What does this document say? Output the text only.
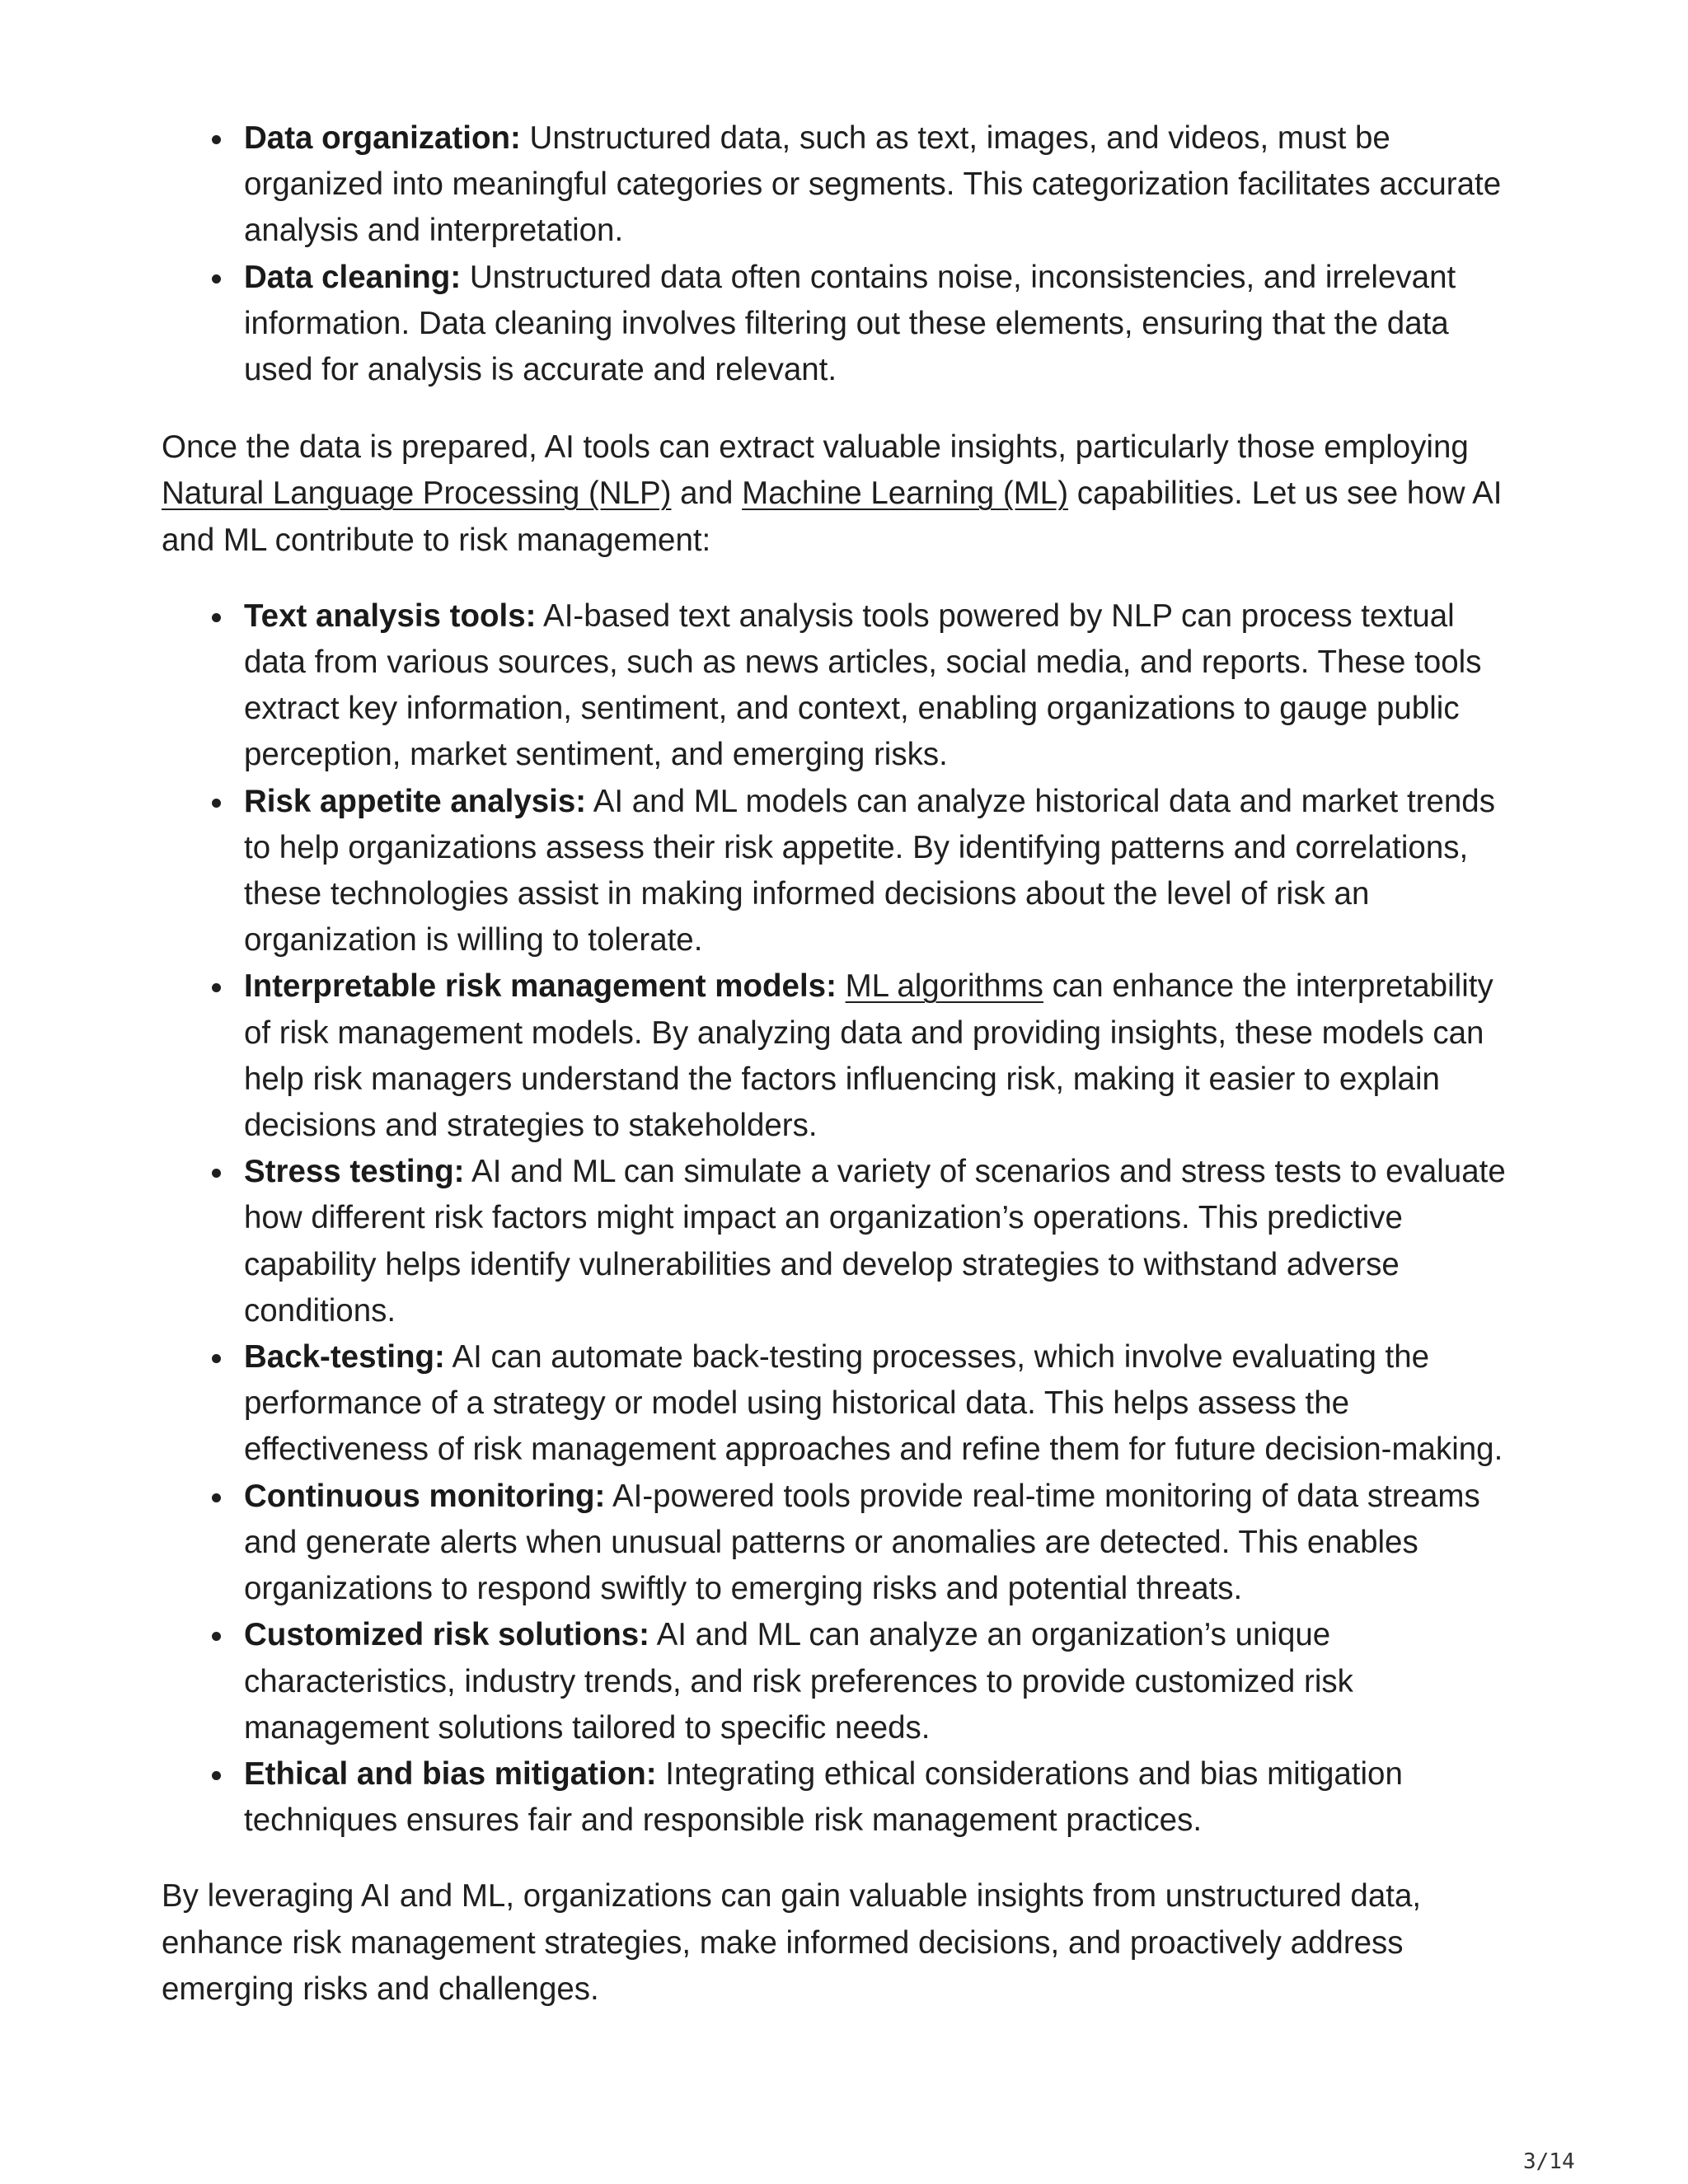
Data organization: Unstructured data, such as text, images, and videos, must be organized into meaningful categories or segments. This categorization facilitates accurate analysis and interpretation.
Data cleaning: Unstructured data often contains noise, inconsistencies, and irrelevant information. Data cleaning involves filtering out these elements, ensuring that the data used for analysis is accurate and relevant.

Once the data is prepared, AI tools can extract valuable insights, particularly those employing Natural Language Processing (NLP) and Machine Learning (ML) capabilities. Let us see how AI and ML contribute to risk management:

Text analysis tools: AI-based text analysis tools powered by NLP can process textual data from various sources, such as news articles, social media, and reports. These tools extract key information, sentiment, and context, enabling organizations to gauge public perception, market sentiment, and emerging risks.
Risk appetite analysis: AI and ML models can analyze historical data and market trends to help organizations assess their risk appetite. By identifying patterns and correlations, these technologies assist in making informed decisions about the level of risk an organization is willing to tolerate.
Interpretable risk management models: ML algorithms can enhance the interpretability of risk management models. By analyzing data and providing insights, these models can help risk managers understand the factors influencing risk, making it easier to explain decisions and strategies to stakeholders.
Stress testing: AI and ML can simulate a variety of scenarios and stress tests to evaluate how different risk factors might impact an organization’s operations. This predictive capability helps identify vulnerabilities and develop strategies to withstand adverse conditions.
Back-testing: AI can automate back-testing processes, which involve evaluating the performance of a strategy or model using historical data. This helps assess the effectiveness of risk management approaches and refine them for future decision-making.
Continuous monitoring: AI-powered tools provide real-time monitoring of data streams and generate alerts when unusual patterns or anomalies are detected. This enables organizations to respond swiftly to emerging risks and potential threats.
Customized risk solutions: AI and ML can analyze an organization’s unique characteristics, industry trends, and risk preferences to provide customized risk management solutions tailored to specific needs.
Ethical and bias mitigation: Integrating ethical considerations and bias mitigation techniques ensures fair and responsible risk management practices.

By leveraging AI and ML, organizations can gain valuable insights from unstructured data, enhance risk management strategies, make informed decisions, and proactively address emerging risks and challenges.

3/14
